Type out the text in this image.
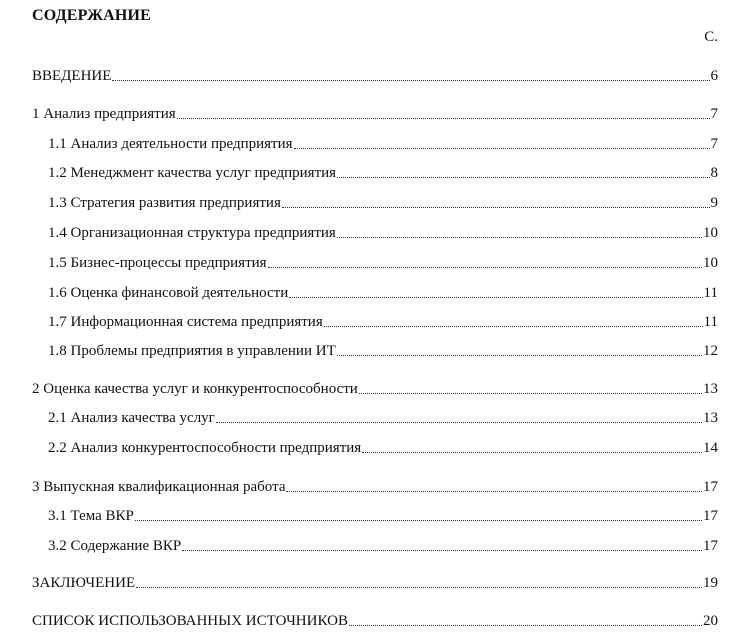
СОДЕРЖАНИЕ
С.
ВВЕДЕНИЕ	6
1 Анализ предприятия	7
1.1 Анализ деятельности предприятия	7
1.2 Менеджмент качества услуг предприятия	8
1.3 Стратегия развития предприятия	9
1.4 Организационная структура предприятия	10
1.5 Бизнес-процессы предприятия	10
1.6 Оценка финансовой деятельности	11
1.7 Информационная система предприятия	11
1.8 Проблемы предприятия в управлении ИТ	12
2 Оценка качества услуг и конкурентоспособности	13
2.1 Анализ качества услуг	13
2.2 Анализ конкурентоспособности предприятия	14
3 Выпускная квалификационная работа	17
3.1 Тема ВКР	17
3.2 Содержание ВКР	17
ЗАКЛЮЧЕНИЕ	19
СПИСОК ИСПОЛЬЗОВАННЫХ ИСТОЧНИКОВ	20
